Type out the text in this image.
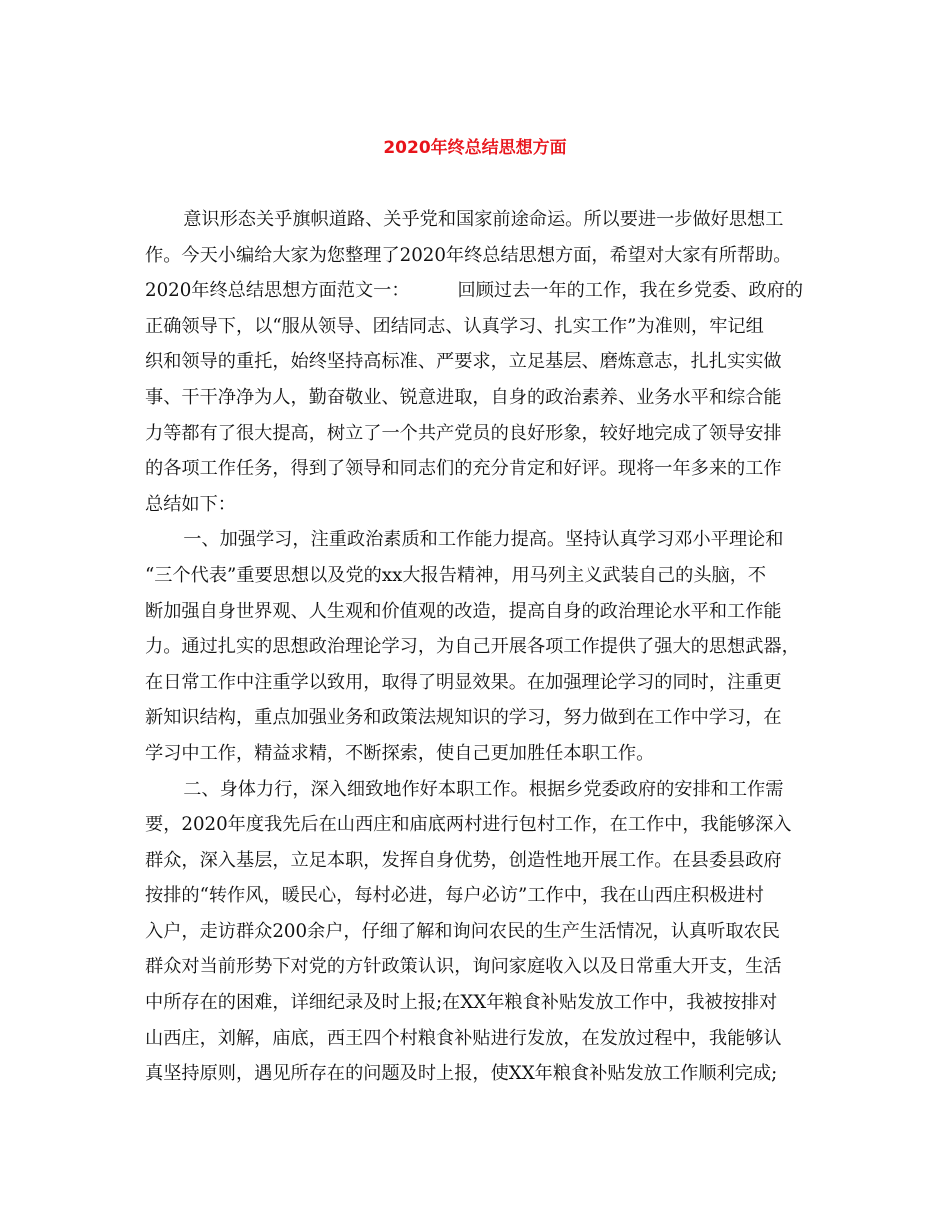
2020年终总结思想方面
意识形态关乎旗帜道路、关乎党和国家前途命运。所以要进一步做好思想工
作。今天小编给大家为您整理了2020年终总结思想方面，希望对大家有所帮助。
2020年终总结思想方面范文一：	回顾过去一年的工作，我在乡党委、政府的
正确领导下，以“服从领导、团结同志、认真学习、扎实工作”为准则，牢记组
织和领导的重托，始终坚持高标准、严要求，立足基层、磨炼意志，扎扎实实做
事、干干净净为人，勤奋敬业、锐意进取，自身的政治素养、业务水平和综合能
力等都有了很大提高，树立了一个共产党员的良好形象，较好地完成了领导安排
的各项工作任务，得到了领导和同志们的充分肯定和好评。现将一年多来的工作
总结如下：
一、加强学习，注重政治素质和工作能力提高。坚持认真学习邓小平理论和
“三个代表”重要思想以及党的xx大报告精神，用马列主义武装自己的头脑，不
断加强自身世界观、人生观和价值观的改造，提高自身的政治理论水平和工作能
力。通过扎实的思想政治理论学习，为自己开展各项工作提供了强大的思想武器，
在日常工作中注重学以致用，取得了明显效果。在加强理论学习的同时，注重更
新知识结构，重点加强业务和政策法规知识的学习，努力做到在工作中学习，在
学习中工作，精益求精，不断探索，使自己更加胜任本职工作。
二、身体力行，深入细致地作好本职工作。根据乡党委政府的安排和工作需
要，2020年度我先后在山西庄和庙底两村进行包村工作，在工作中，我能够深入
群众，深入基层，立足本职，发挥自身优势，创造性地开展工作。在县委县政府
按排的“转作风，暖民心，每村必进，每户必访”工作中，我在山西庄积极进村
入户，走访群众200余户，仔细了解和询问农民的生产生活情况，认真听取农民
群众对当前形势下对党的方针政策认识，询问家庭收入以及日常重大开支，生活
中所存在的困难，详细纪录及时上报;在XX年粮食补贴发放工作中，我被按排对
山西庄，刘解，庙底，西王四个村粮食补贴进行发放，在发放过程中，我能够认
真坚持原则，遇见所存在的问题及时上报，使XX年粮食补贴发放工作顺利完成;
